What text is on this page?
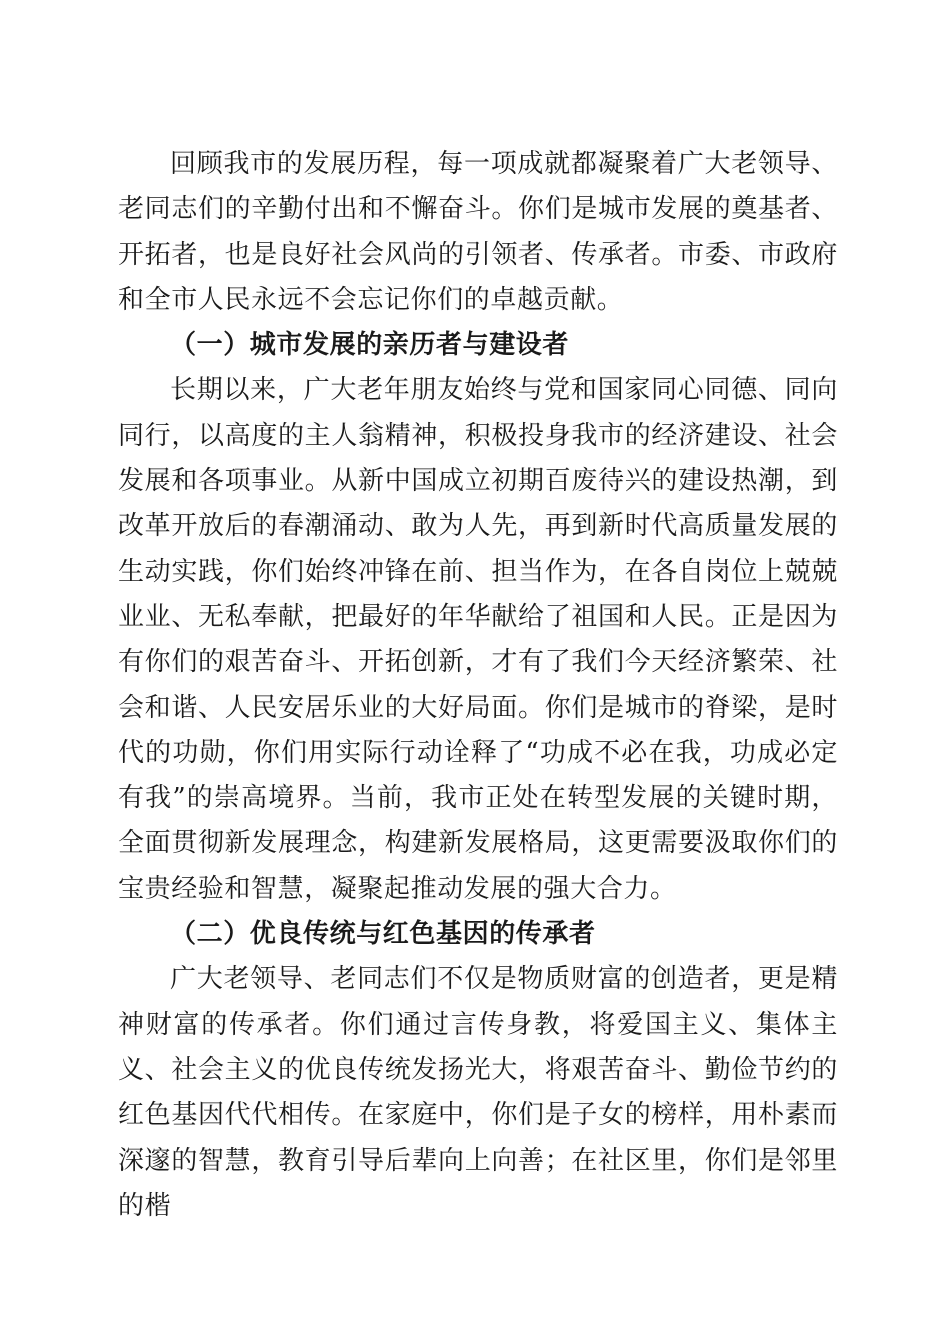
回顾我市的发展历程，每一项成就都凝聚着广大老领导、老同志们的辛勤付出和不懈奋斗。你们是城市发展的奠基者、开拓者，也是良好社会风尚的引领者、传承者。市委、市政府和全市人民永远不会忘记你们的卓越贡献。

（一）城市发展的亲历者与建设者

长期以来，广大老年朋友始终与党和国家同心同德、同向同行，以高度的主人翁精神，积极投身我市的经济建设、社会发展和各项事业。从新中国成立初期百废待兴的建设热潮，到改革开放后的春潮涌动、敢为人先，再到新时代高质量发展的生动实践，你们始终冲锋在前、担当作为，在各自岗位上兢兢业业、无私奉献，把最好的年华献给了祖国和人民。正是因为有你们的艰苦奋斗、开拓创新，才有了我们今天经济繁荣、社会和谐、人民安居乐业的大好局面。你们是城市的脊梁，是时代的功勋，你们用实际行动诠释了“功成不必在我，功成必定有我”的崇高境界。当前，我市正处在转型发展的关键时期，全面贯彻新发展理念，构建新发展格局，这更需要汲取你们的宝贵经验和智慧，凝聚起推动发展的强大合力。

（二）优良传统与红色基因的传承者

广大老领导、老同志们不仅是物质财富的创造者，更是精神财富的传承者。你们通过言传身教，将爱国主义、集体主义、社会主义的优良传统发扬光大，将艰苦奋斗、勤俭节约的红色基因代代相传。在家庭中，你们是子女的榜样，用朴素而深邃的智慧，教育引导后辈向上向善；在社区里，你们是邻里的楷
